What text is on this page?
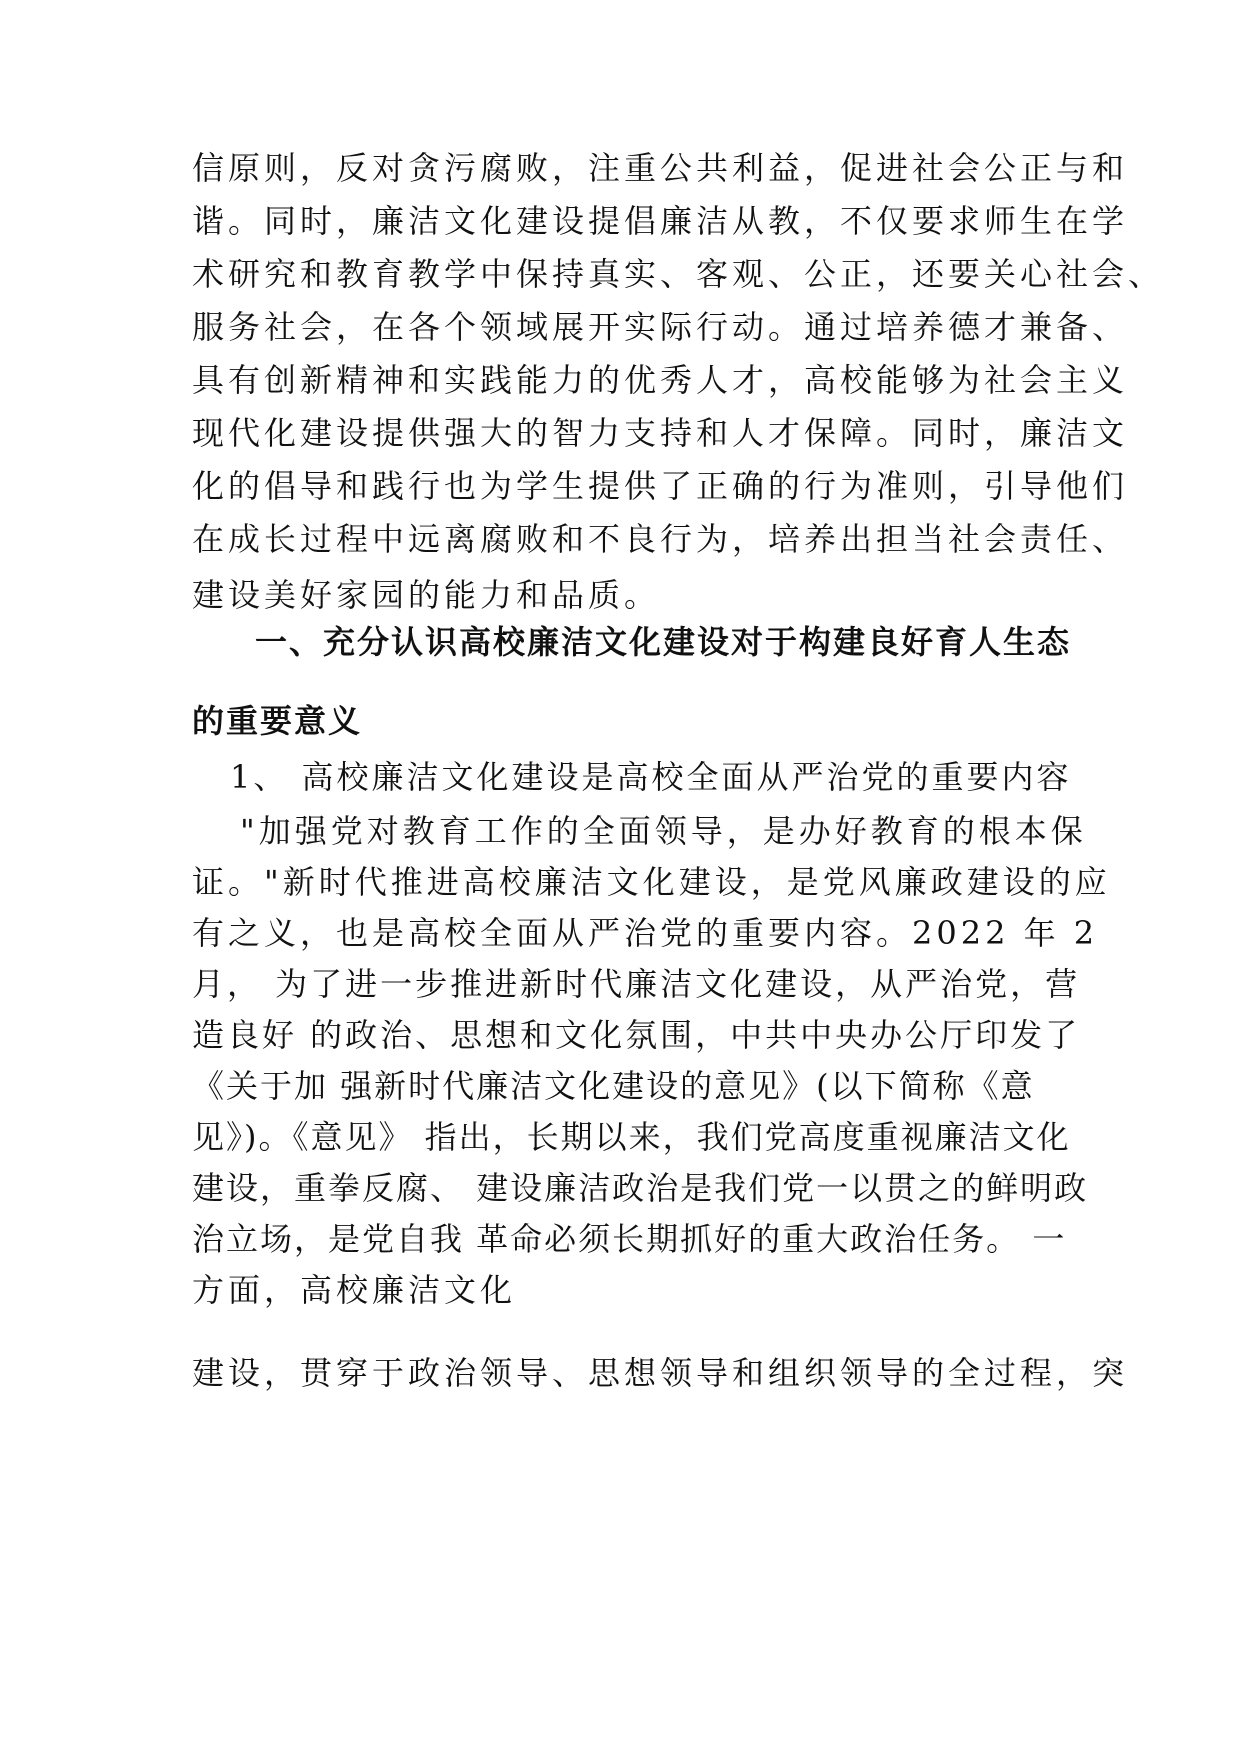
信原则，反对贪污腐败，注重公共利益，促进社会公正与和
谐。同时，廉洁文化建设提倡廉洁从教，不仅要求师生在学
术研究和教育教学中保持真实、客观、公正，还要关心社会、
服务社会，在各个领域展开实际行动。通过培养德才兼备、
具有创新精神和实践能力的优秀人才，高校能够为社会主义
现代化建设提供强大的智力支持和人才保障。同时，廉洁文
化的倡导和践行也为学生提供了正确的行为准则，引导他们
在成长过程中远离腐败和不良行为，培养出担当社会责任、
建设美好家园的能力和品质。
一、充分认识高校廉洁文化建设对于构建良好育人生态
的重要意义
1、 高校廉洁文化建设是高校全面从严治党的重要内容
"加强党对教育工作的全面领导，是办好教育的根本保
证。"新时代推进高校廉洁文化建设，是党风廉政建设的应
有之义，也是高校全面从严治党的重要内容。2022 年 2
月， 为了进一步推进新时代廉洁文化建设，从严治党，营
造良好 的政治、思想和文化氛围，中共中央办公厅印发了
《关于加 强新时代廉洁文化建设的意见》(以下简称《意
见》)。《意见》 指出，长期以来，我们党高度重视廉洁文化
建设，重拳反腐、 建设廉洁政治是我们党一以贯之的鲜明政
治立场，是党自我 革命必须长期抓好的重大政治任务。 一
方面，高校廉洁文化
建设，贯穿于政治领导、思想领导和组织领导的全过程，突
